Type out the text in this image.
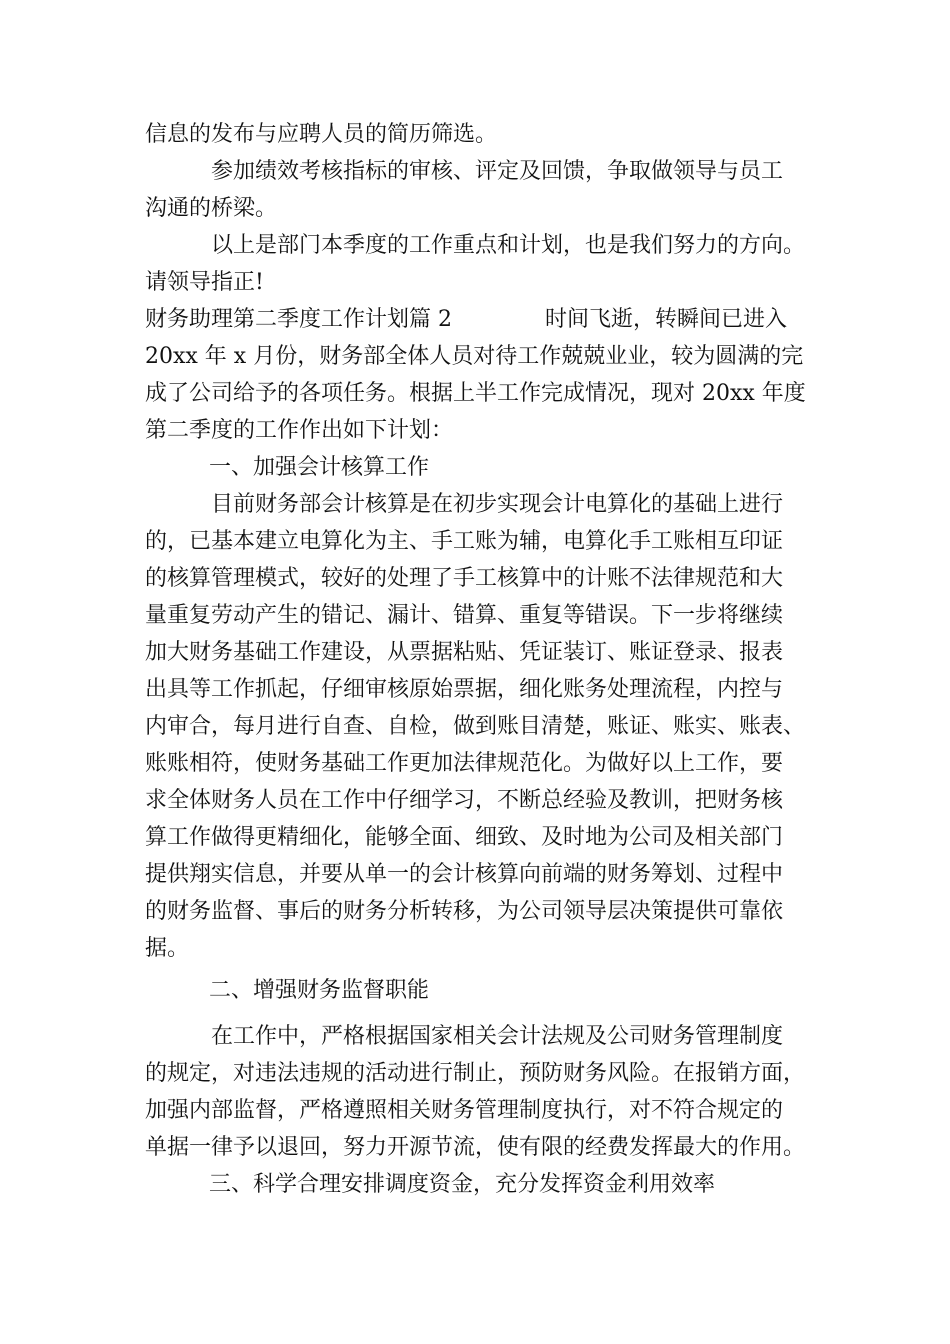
信息的发布与应聘人员的简历筛选。
参加绩效考核指标的审核、评定及回馈，争取做领导与员工
沟通的桥梁。
以上是部门本季度的工作重点和计划，也是我们努力的方向。
请领导指正!
财务助理第二季度工作计划篇 2	时间飞逝，转瞬间已进入
20xx 年 x 月份，财务部全体人员对待工作兢兢业业，较为圆满的完
成了公司给予的各项任务。根据上半工作完成情况，现对 20xx 年度
第二季度的工作作出如下计划：
一、加强会计核算工作
目前财务部会计核算是在初步实现会计电算化的基础上进行
的，已基本建立电算化为主、手工账为辅，电算化手工账相互印证
的核算管理模式，较好的处理了手工核算中的计账不法律规范和大
量重复劳动产生的错记、漏计、错算、重复等错误。下一步将继续
加大财务基础工作建设，从票据粘贴、凭证装订、账证登录、报表
出具等工作抓起，仔细审核原始票据，细化账务处理流程，内控与
内审合，每月进行自查、自检，做到账目清楚，账证、账实、账表、
账账相符，使财务基础工作更加法律规范化。为做好以上工作，要
求全体财务人员在工作中仔细学习，不断总经验及教训，把财务核
算工作做得更精细化，能够全面、细致、及时地为公司及相关部门
提供翔实信息，并要从单一的会计核算向前端的财务筹划、过程中
的财务监督、事后的财务分析转移，为公司领导层决策提供可靠依
据。
二、增强财务监督职能
在工作中，严格根据国家相关会计法规及公司财务管理制度
的规定，对违法违规的活动进行制止，预防财务风险。在报销方面，
加强内部监督，严格遵照相关财务管理制度执行，对不符合规定的
单据一律予以退回，努力开源节流，使有限的经费发挥最大的作用。
三、科学合理安排调度资金，充分发挥资金利用效率
